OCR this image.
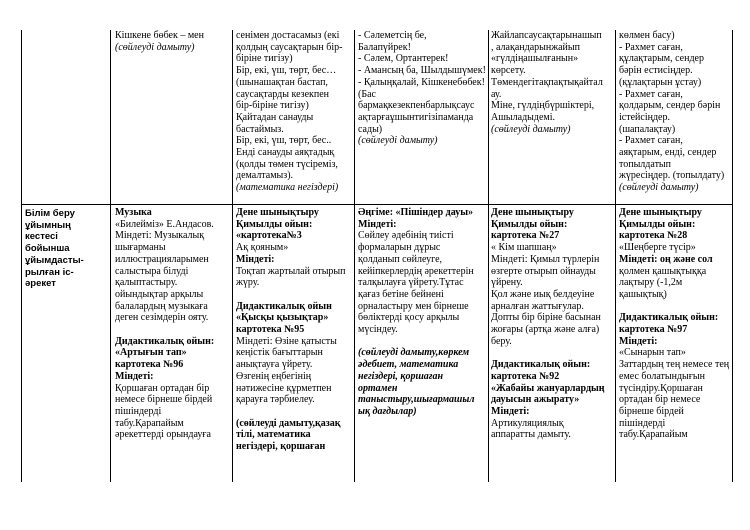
Білім беру
ұйымның
кестесі
бойынша
ұйымдасты-
рылған іс-
әрекет
Кішкене бөбек – мен
(сөйлеуді дамыту)
сенімен достасамыз (екі
қолдың саусақтарын бір-
біріне тигізу)
Бір, екі, үш, төрт, бес…
(шынашақтан бастап,
саусақтарды кезекпен
бір-біріне тигізу)
Қайтадан санауды
бастаймыз.
Бір, екі, үш, төрт, бес..
Енді санауды аяқтадық
(қолды төмен түсіреміз,
демалтамыз).
(математика негіздері)
- Сәлеметсің бе,
Балапүйрек!
- Сәлем, Ортантерек!
- Амансың ба, Шылдышүмек!
- Қалыңқалай, Кішкенебөбек!
(Бас
бармақкезекпенбарлықсаус
ақтарғаұшынтигізіпаманда
сады)
(сөйлеуді дамыту)
Жайлапсаусақтарынашып
, алақандарынжайып
«гүлдіңашылғанын»
көрсету.
Төмендегітақпақтықайтал
ау.
Міне, гүлдіңбүршіктері,
Ашыладыдемі.
(сөйлеуді дамыту)
көлмен басу)
- Рахмет саған,
құлақтарым, сендер
бәрін естисіңдер.
(құлақтарын ұстау)
- Рахмет саған,
қолдарым, сендер бәрін
істейсіңдер.
(шапалақтау)
- Рахмет саған,
аяқтарым, енді, сендер
топылдатып
жүресіңдер. (топылдату)
(сөйлеуді дамыту)
Музыка
«Билейміз» Е.Андасов.
Міндеті: Музыкалық
шығарманы
иллюстрацияларымен
салыстыра білуді
қалыптастыру.
ойындықтар арқылы
балалардың музыкаға
деген сезімдерін ояту.
Дидактикалық ойын:
«Артығын тап»
картотека №96
Міндеті:
Қоршаған ортадан бір
немесе бірнеше бірдей
пішіндерді
табу.Қарапайым
әрекеттерді орындауға
Дене шынықтыру
Қимылды ойын:
«картотека№3
Ақ қояным»
Міндеті:
Тоқтап жартылай отырып
жүру.
Дидактикалық ойын
«Қысқы қызықтар»
картотека №95
Міндеті: Өзіне қатысты
кеңістік бағыттарын
анықтауға үйрету.
Өзгенің еңбегінің
нәтижесіне құрметпен
қарауға тәрбиелеу.
(сөйлеуді дамыту,қазақ
тілі, математика
негіздері, қоршаған
Әңгіме: «Пішіндер дауы»
Міндеті:
Сөйлеу әдебінің тиісті
формаларын дұрыс
қолданып сөйлеуге,
кейіпкерлердің әрекеттерін
талқылауға үйрету.Тұтас
қағаз бетіне бейнені
орналастыру мен бірнеше
бөліктерді қосу арқылы
мүсіндеу.
(сөйлеуді дамыту,көркем
әдебиет, математика
негіздері, қоршаған
ортамен
таныстыру,шығармашыл
ық дағдылар)
Дене шынықтыру
Қимылды ойын:
картотека №27
« Кім шапшаң»
Міндеті: Қимыл түрлерін
өзгерте отырып ойнауды
үйрену.
Қол және иық белдеуіне
арналған жаттығулар.
Допты бір біріне басынан
жоғары (артқа және алға)
беру.
Дидактикалық ойын:
картотека №92
«Жабайы жануарлардың
дауысын ажырату»
Міндеті:
Артикуляциялық
аппаратты дамыту.
Дене шынықтыру
Қимылды ойын:
картотека №28
«Шеңберге түсір»
Міндеті: оң және сол
қолмен қашықтыққа
лақтыру (-1,2м
қашықтық)
Дидактикалық ойын:
картотека №97
Міндеті:
«Сынарын тап»
Заттардың тең немесе тең
емес болатындығын
түсіндіру.Қоршаған
ортадан бір немесе
бірнеше бірдей
пішіндерді
табу.Қарапайым
